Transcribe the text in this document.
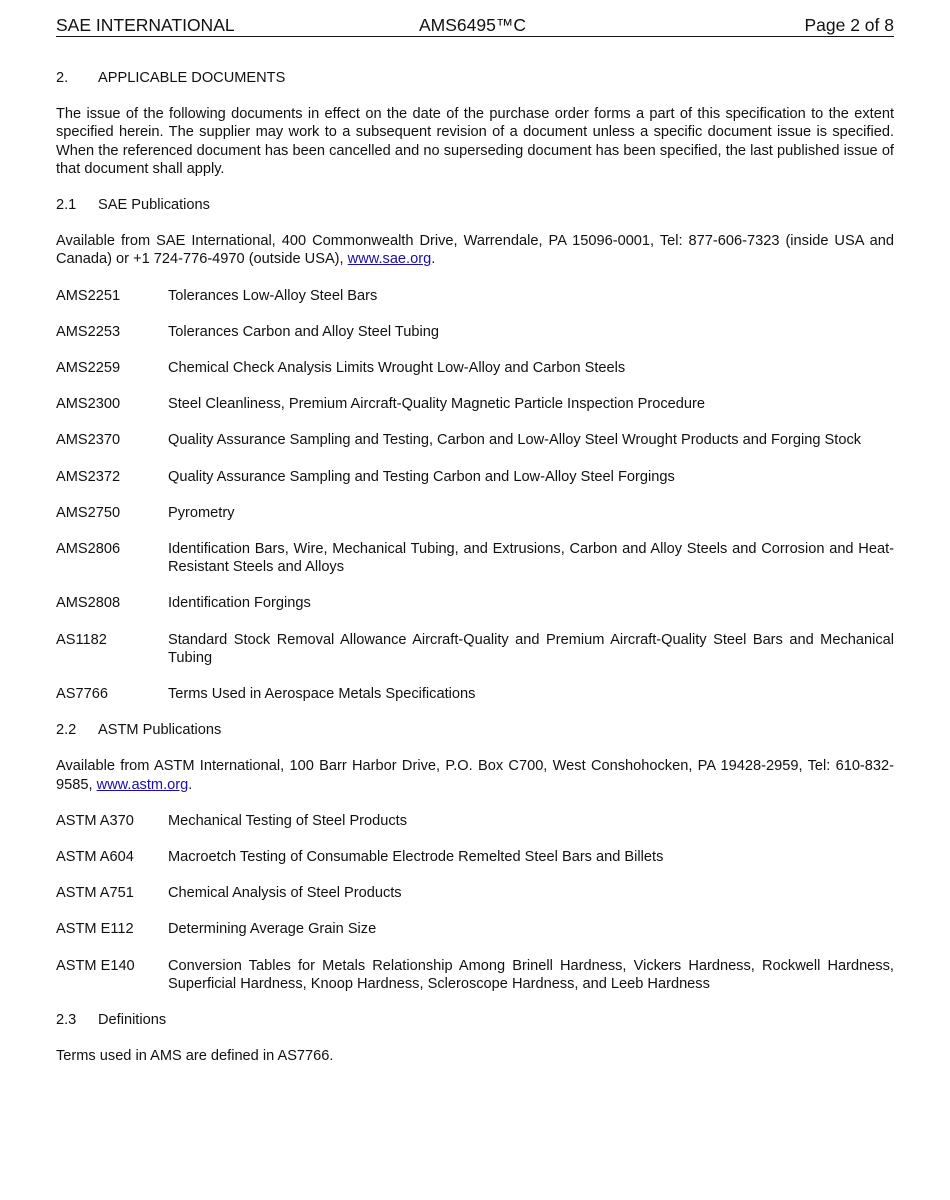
SAE INTERNATIONAL	AMS6495™C	Page 2 of 8
2. APPLICABLE DOCUMENTS
The issue of the following documents in effect on the date of the purchase order forms a part of this specification to the extent specified herein. The supplier may work to a subsequent revision of a document unless a specific document issue is specified. When the referenced document has been cancelled and no superseding document has been specified, the last published issue of that document shall apply.
2.1 SAE Publications
Available from SAE International, 400 Commonwealth Drive, Warrendale, PA 15096-0001, Tel: 877-606-7323 (inside USA and Canada) or +1 724-776-4970 (outside USA), www.sae.org.
AMS2251	Tolerances Low-Alloy Steel Bars
AMS2253	Tolerances Carbon and Alloy Steel Tubing
AMS2259	Chemical Check Analysis Limits Wrought Low-Alloy and Carbon Steels
AMS2300	Steel Cleanliness, Premium Aircraft-Quality Magnetic Particle Inspection Procedure
AMS2370	Quality Assurance Sampling and Testing, Carbon and Low-Alloy Steel Wrought Products and Forging Stock
AMS2372	Quality Assurance Sampling and Testing Carbon and Low-Alloy Steel Forgings
AMS2750	Pyrometry
AMS2806	Identification Bars, Wire, Mechanical Tubing, and Extrusions, Carbon and Alloy Steels and Corrosion and Heat-Resistant Steels and Alloys
AMS2808	Identification Forgings
AS1182	Standard Stock Removal Allowance Aircraft-Quality and Premium Aircraft-Quality Steel Bars and Mechanical Tubing
AS7766	Terms Used in Aerospace Metals Specifications
2.2 ASTM Publications
Available from ASTM International, 100 Barr Harbor Drive, P.O. Box C700, West Conshohocken, PA 19428-2959, Tel: 610-832-9585, www.astm.org.
ASTM A370	Mechanical Testing of Steel Products
ASTM A604	Macroetch Testing of Consumable Electrode Remelted Steel Bars and Billets
ASTM A751	Chemical Analysis of Steel Products
ASTM E112	Determining Average Grain Size
ASTM E140	Conversion Tables for Metals Relationship Among Brinell Hardness, Vickers Hardness, Rockwell Hardness, Superficial Hardness, Knoop Hardness, Scleroscope Hardness, and Leeb Hardness
2.3 Definitions
Terms used in AMS are defined in AS7766.
